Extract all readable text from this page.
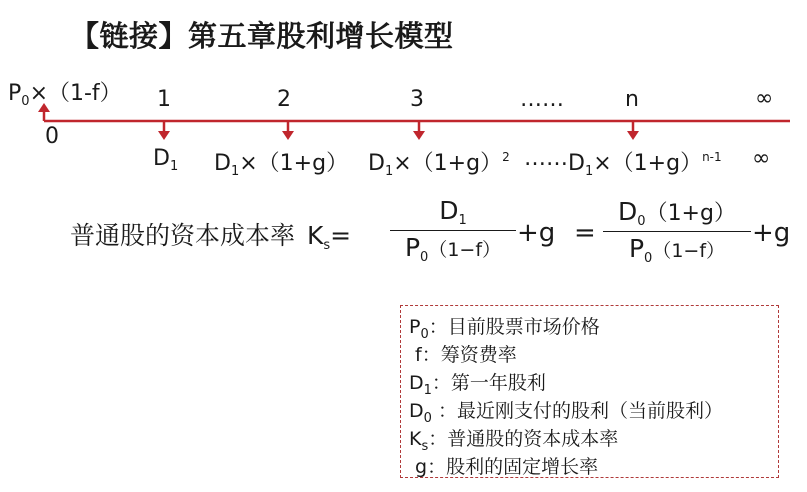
【链接】第五章股利增长模型
$P_0\times(1-f)$
0
1	2	3	……	n	∞
$D_1$ $D_1\times(1+g)$ $D_1\times(1+g)^2$ …… $D_1\times(1+g)^{n-1}$ ∞
普通股的资本成本率 $K_s=$
$D_1$
$P_0(1-f)$
+g =
$D_0(1+g)$
$P_0(1-f)$
+g
$P_0$：目前股票市场价格
f：筹资费率
$D_1$：第一年股利
$D_0$ ：最近刚支付的股利（当前股利）
$K_s$：普通股的资本成本率
g：股利的固定增长率
